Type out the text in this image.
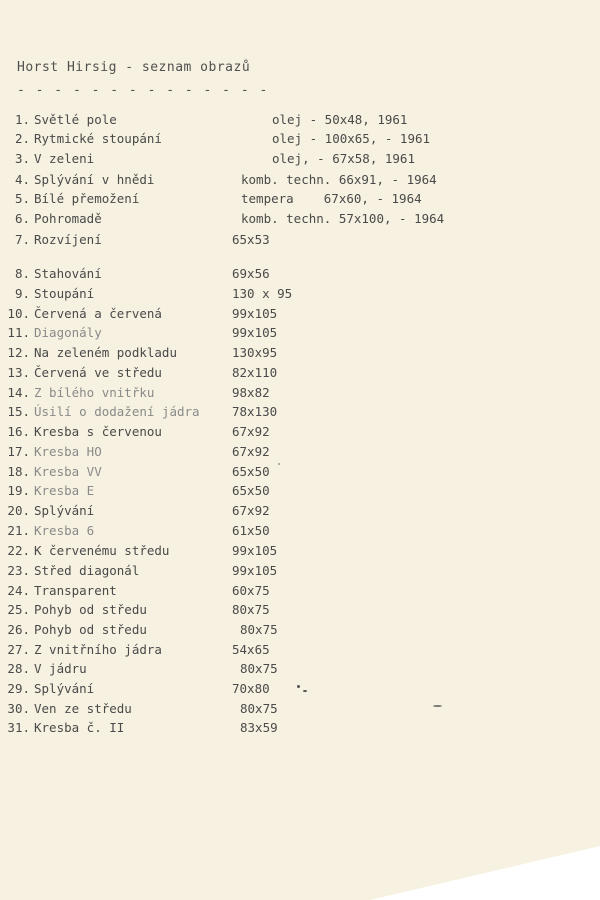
Horst Hirsig - seznam obrazů
- - - - - - - - - - - - - -
1. Světlé pole	olej - 50x48, 1961
2. Rytmické stoupání	olej - 100x65, - 1961
3. V zeleni	olej, - 67x58, 1961
4. Splývání v hnědi	komb. techn. 66x91, - 1964
5. Bílé přemožení	tempera    67x60, - 1964
6. Pohromadě	komb. techn. 57x100, - 1964
7. Rozvíjení	65x53
8. Stahování	69x56
9. Stoupání	130 x 95
10. Červená a červená	99x105
11. Diagonály	99x105
12. Na zeleném podkladu	130x95
13. Červená ve středu	82x110
14. Z bílého vnitřku	98x82
15. Úsilí o dodažení jádra	78x130
16. Kresba s červenou	67x92
17. Kresba HO	67x92
18. Kresba VV	65x50
19. Kresba E	65x50
20. Splývání	67x92
21. Kresba 6	61x50
22. K červenému středu	99x105
23. Střed diagonál	99x105
24. Transparent	60x75
25. Pohyb od středu	80x75
26. Pohyb od středu	80x75
27. Z vnitřního jádra	54x65
28. V jádru	80x75
29. Splývání	70x80
30. Ven ze středu	80x75
31. Kresba č. II	83x59
